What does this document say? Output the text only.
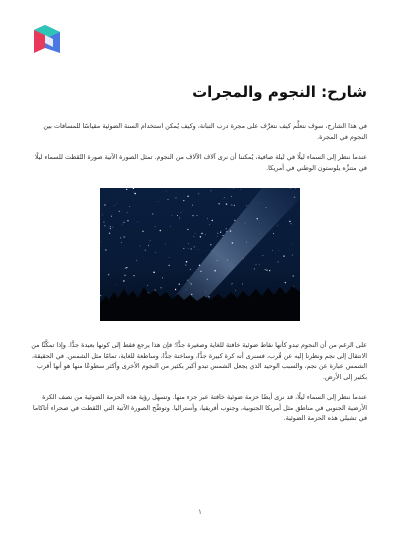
شارح: النجوم والمجرات

في هذا الشارح، سوف نتعلَّم كيف نتعرَّف على مجرة درب التبانة، وكيف يُمكن استخدام السنة الضوئية مقياسًا للمسافات بين النجوم في المجرة.

عندما ننظر إلى السماء ليلًا في ليلة صافية، يُمكننا أن نرى آلاف الآلاف من النجوم. تمثل الصورة الآتية صورة التُقطت للسماء ليلًا في متنزَّه يلوستون الوطني في أمريكا.

على الرغم من أن النجوم تبدو كأنها نقاط ضوئية خافتة للغاية وصغيرة جدًّا؛ فإن هذا يرجع فقط إلى كونها بعيدة جدًّا. وإذا تمكَّنَّا من الانتقال إلى نجم ونظرنا إليه عن قُرب، فسنرى أنه كرة كبيرة جدًّا، وساخنة جدًّا، وساطعة للغاية، تمامًا مثل الشمس. في الحقيقة، الشمس عبارة عن نجم، والسبب الوحيد الذي يجعل الشمس تبدو أكبر بكثير من النجوم الأخرى وأكثر سطوعًا منها هو أنها أقرب بكثير إلى الأرض.

عندما ننظر إلى السماء ليلًا، قد نرى أيضًا حزمة ضوئية خافتة عبر جزء منها. وتسهل رؤية هذه الحزمة الضوئية من نصف الكرة الأرضية الجنوبي في مناطق مثل أمريكا الجنوبية، وجنوب أفريقيا، وأستراليا. وتوضِّح الصورة الآتية التي التُقطت في صحراء أتاكاما في تشيلي هذه الحزمة الضوئية.

١
